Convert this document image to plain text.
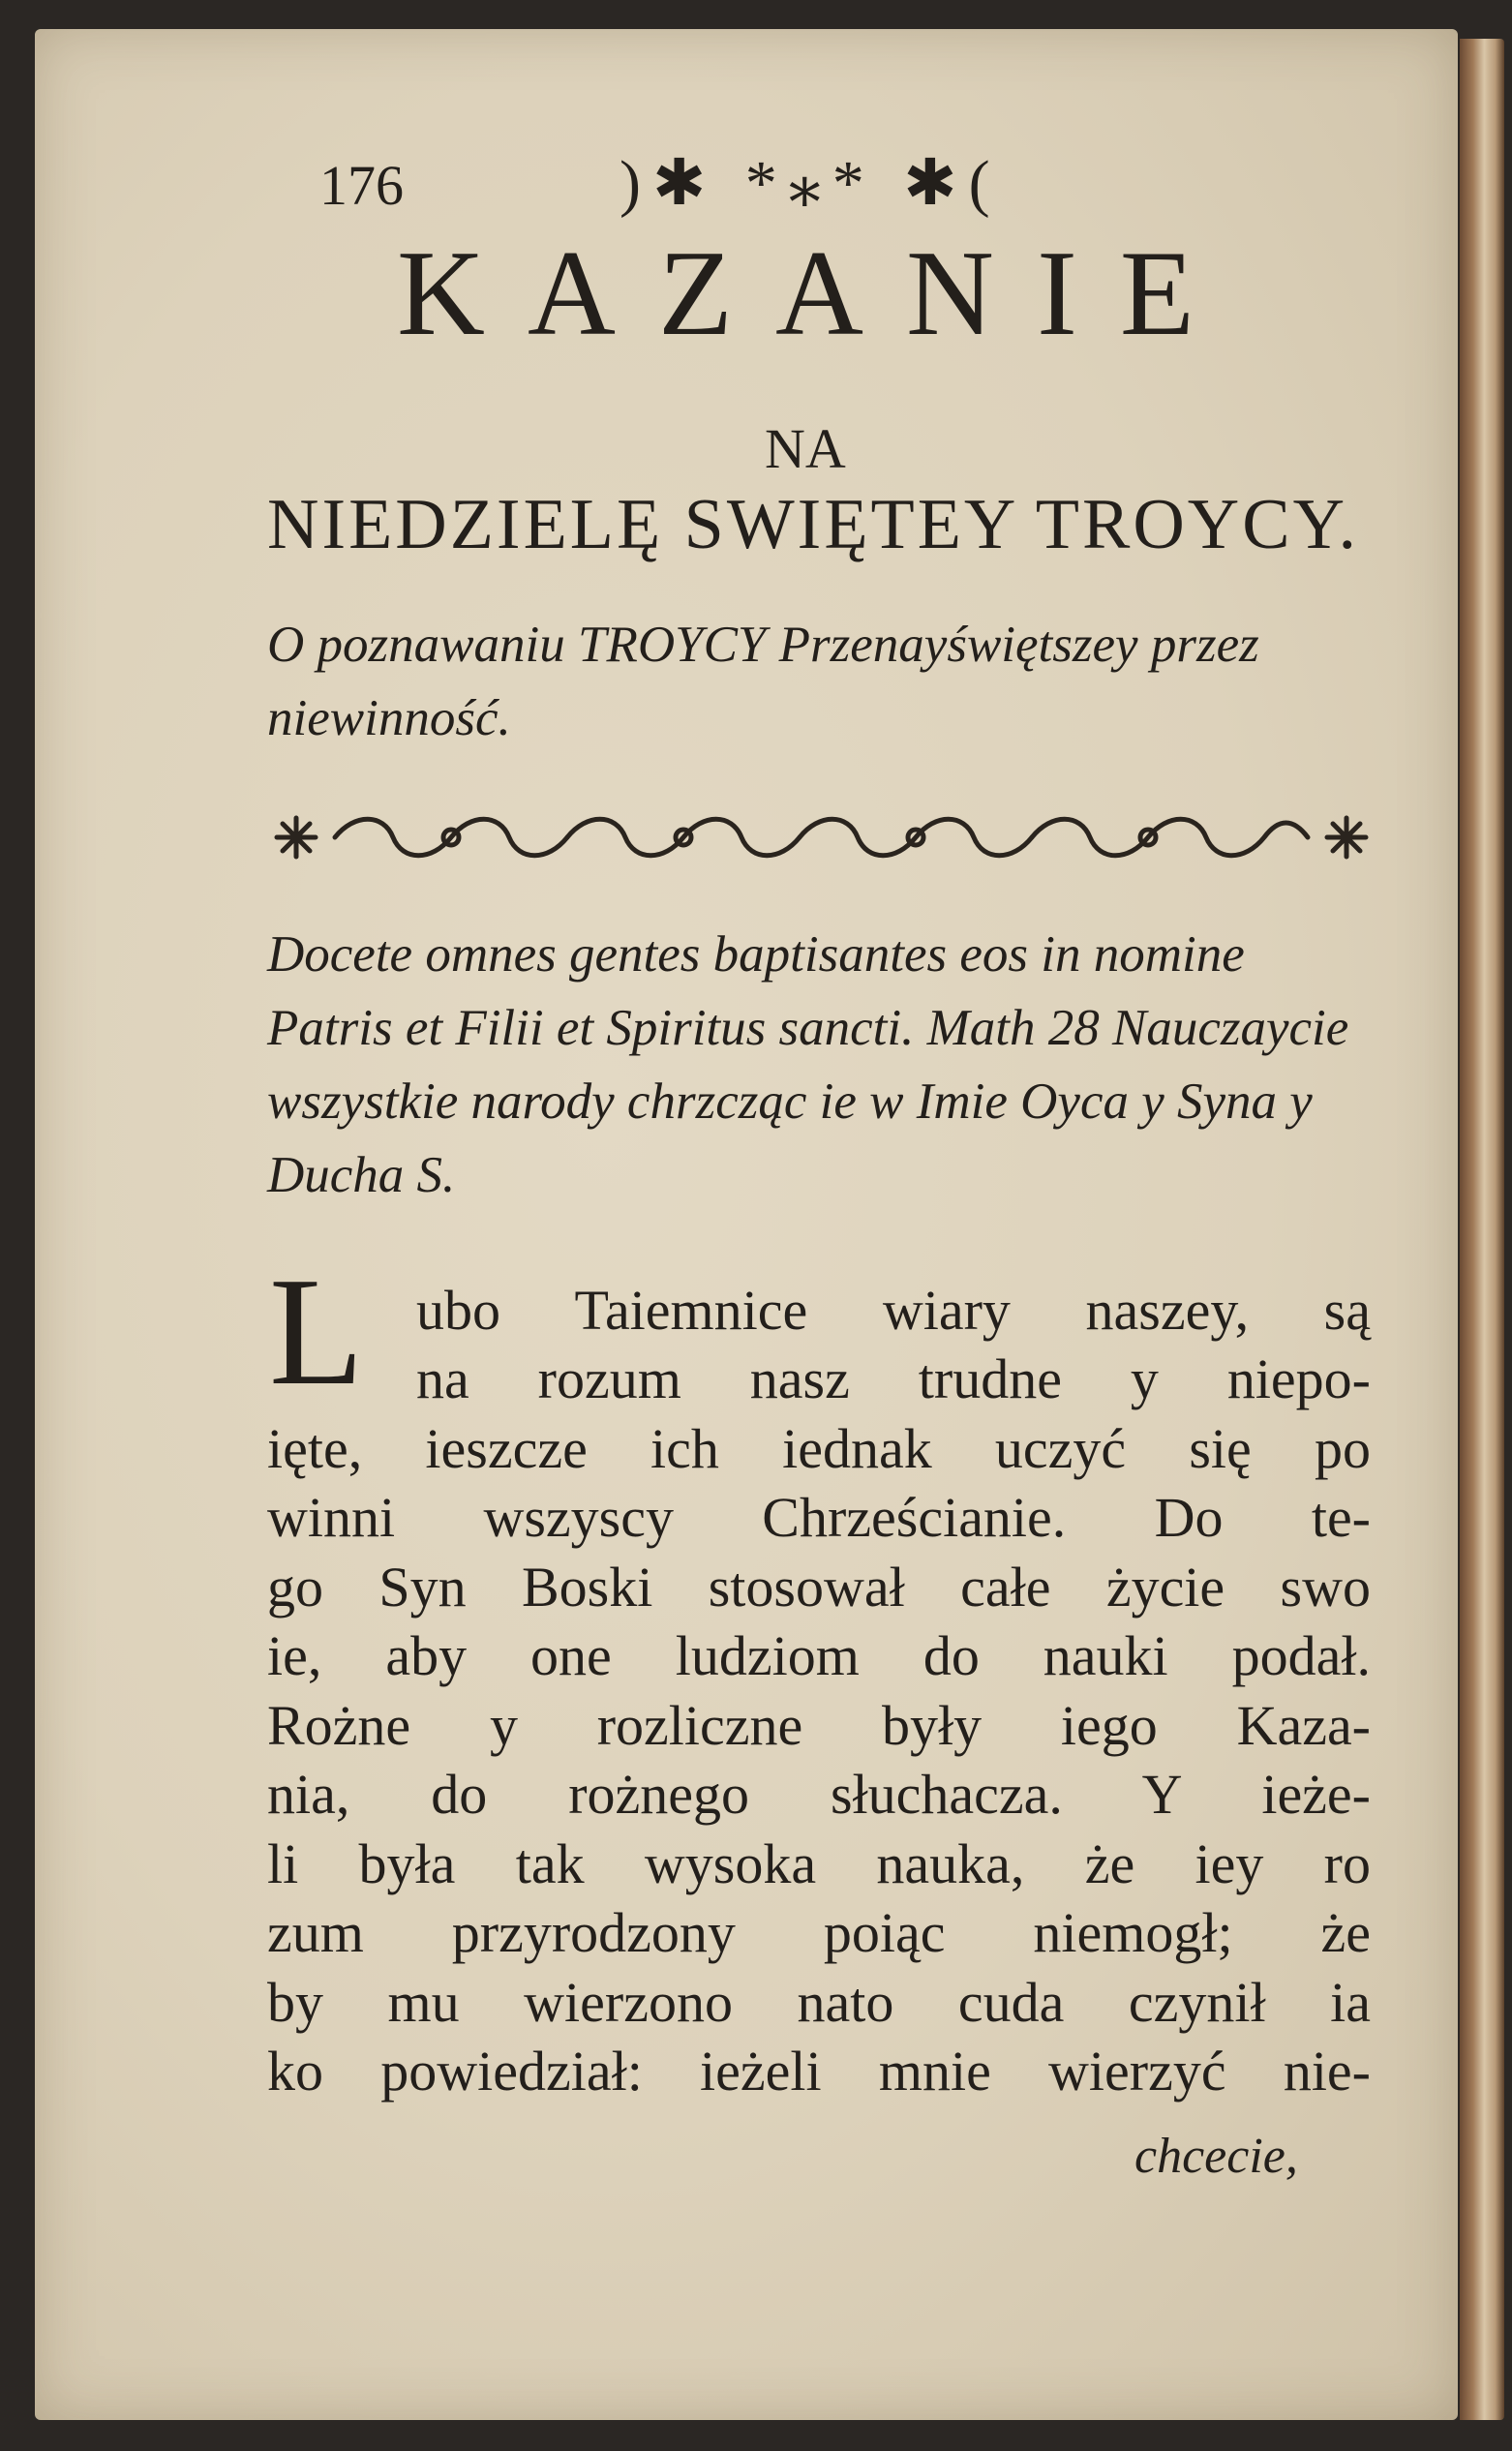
176	)✱ *⁎* ✱(
KAZANIE
NA
NIEDZIELĘ SWIĘTEY TROYCY.
O poznawaniu TROYCY Przenayświętszey przez niewinność.
Docete omnes gentes baptisantes eos in nomine Patris et Filii et Spiritus sancti. Math 28 Nauczaycie wszystkie narody chrzcząc ie w Imie Oyca y Syna y Ducha S.
L ubo Taiemnice wiary naszey, są
na rozum nasz trudne y niepo-
ięte, ieszcze ich iednak uczyć się po
winni wszyscy Chrześcianie. Do te-
go Syn Boski stosował całe życie swo
ie, aby one ludziom do nauki podał.
Rożne y rozliczne były iego Kaza-
nia, do rożnego słuchacza. Y ieże-
li była tak wysoka nauka, że iey ro
zum przyrodzony poiąc niemogł; że
by mu wierzono nato cuda czynił ia
ko powiedział: ieżeli mnie wierzyć nie-
chcecie,
